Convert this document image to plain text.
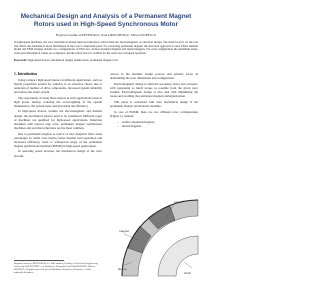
Mechanical Design and Analysis of a Permanent Magnet Rotors used in High-Speed Synchronous Motor
Bogdan-Gruiniu GREFENSKIL, Paul DROUNESKU, Mircea POPESCU
In high-speed machines, the rotor mechanical design must become more critical than the electromagnetic or electrical design. The main focus is on the rare and tidlow the mechanical stress distribution in the rotor's component parts. For protecting permanent magnet, the structural approach is used. Finite element model and FEM analysis include two configurations of PM rotor, surface mounted magnets and buried magnets. For each configuration the maximum stress, strain and deformation values are computed, and the safety factor is verified for the rated and overspeed operation.
Keywords: high-speed motors, mechanical design, tensile stress, permanent magnet rotor
1. Introduction

Using compact high-speed motors is different applications, such as hybrid propulsion system for vehicles is an attractive choice due to reduction of number of drive components, increased system reliability and reduce the entire system.

The opportunity of using those motors in such applications leads to high power density, reducing the overweighting of the system maintenance, the system noise and increasing the efficiency.

In high-speed motors, besides the electromagnetic and thermal design, the mechanical aspects need to be considered. Different types of machines are qualified for high-speed applications. Induction machines with layered cage rotor, permanent magnet synchronous machines and switched reluctance are the most common.

Due to permanent magnets as source of rotor magnetic field, some advantages as, small rotor inertia, better thermal load separation and increased efficiency, leads to widespread usage of the permanent magnet synchronous machine (PMSM) in high-speed applications.

In operating speed increase, the mechanical design of the rotor become

critical in the machine design process and primary factor in determining the rotor dimensions and configuration.

Electromagnetic design is often the secondary factor and concerns, with generating as much torque as possible from the given rotor volume. Electromagnetic design is also deal with minimizing the losses and avoiding the permanent magnets demagnetization.

This paper is concerned with rotor mechanical design of the permanent magnet synchronous machine.

In case of PMSM, there are two different rotor configurations (Figure 1), namely:

– surface-mounted magnets;
– buried magnets.
Bogdan-Gruiniu GREFENSKIL is a PhD student, Faculty of Electrical Engineering, University POLITEHNICA of Bucharest, Romania; Paul DROUNESKU, Mircea POPESCU, Department of Electrical Machines, Bucharest, Romania, e-mail: author@elth.pub.ro
magnet
rotor
shaft
sleeve
